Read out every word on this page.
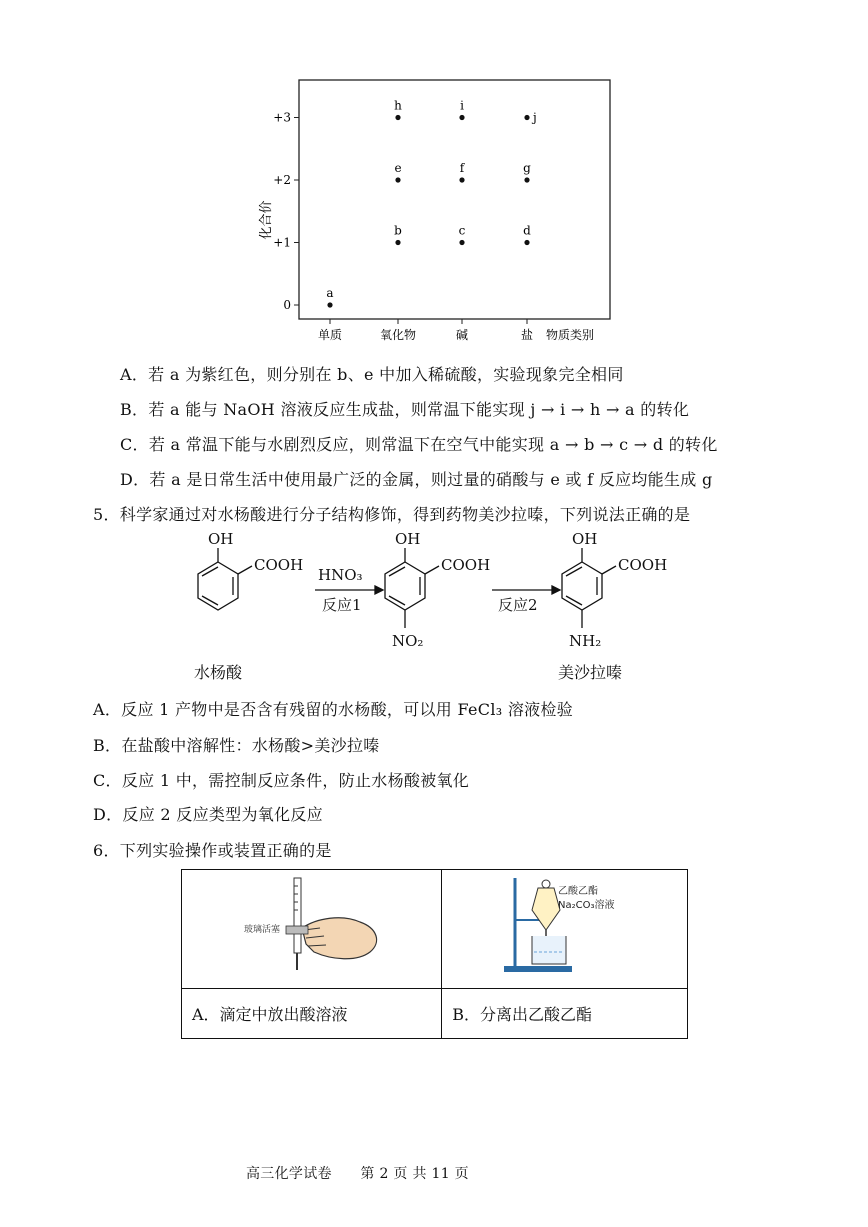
化合价
+3
+2
+1
0
单质	氧化物	碱	盐 物质类别
a
b	c	d
e	f	g
h	i
j
A．若 a 为紫红色，则分别在 b、e 中加入稀硫酸，实验现象完全相同
B．若 a 能与 NaOH 溶液反应生成盐，则常温下能实现 j → i → h → a 的转化
C．若 a 常温下能与水剧烈反应，则常温下在空气中能实现 a → b → c → d 的转化
D．若 a 是日常生活中使用最广泛的金属，则过量的硝酸与 e 或 f 反应均能生成 g
5．科学家通过对水杨酸进行分子结构修饰，得到药物美沙拉嗪，下列说法正确的是
OH
COOH
HNO₃
反应1
OH
COOH
NO₂
反应2
OH
COOH
NH₂
水杨酸	美沙拉嗪
A．反应 1 产物中是否含有残留的水杨酸，可以用 FeCl₃ 溶液检验
B．在盐酸中溶解性：水杨酸>美沙拉嗪
C．反应 1 中，需控制反应条件，防止水杨酸被氧化
D．反应 2 反应类型为氧化反应
6．下列实验操作或装置正确的是
玻璃活塞	乙酸乙酯
Na₂CO₃溶液

A．滴定中放出酸溶液	B．分离出乙酸乙酯
高三化学试卷　　第 2 页 共 11 页
